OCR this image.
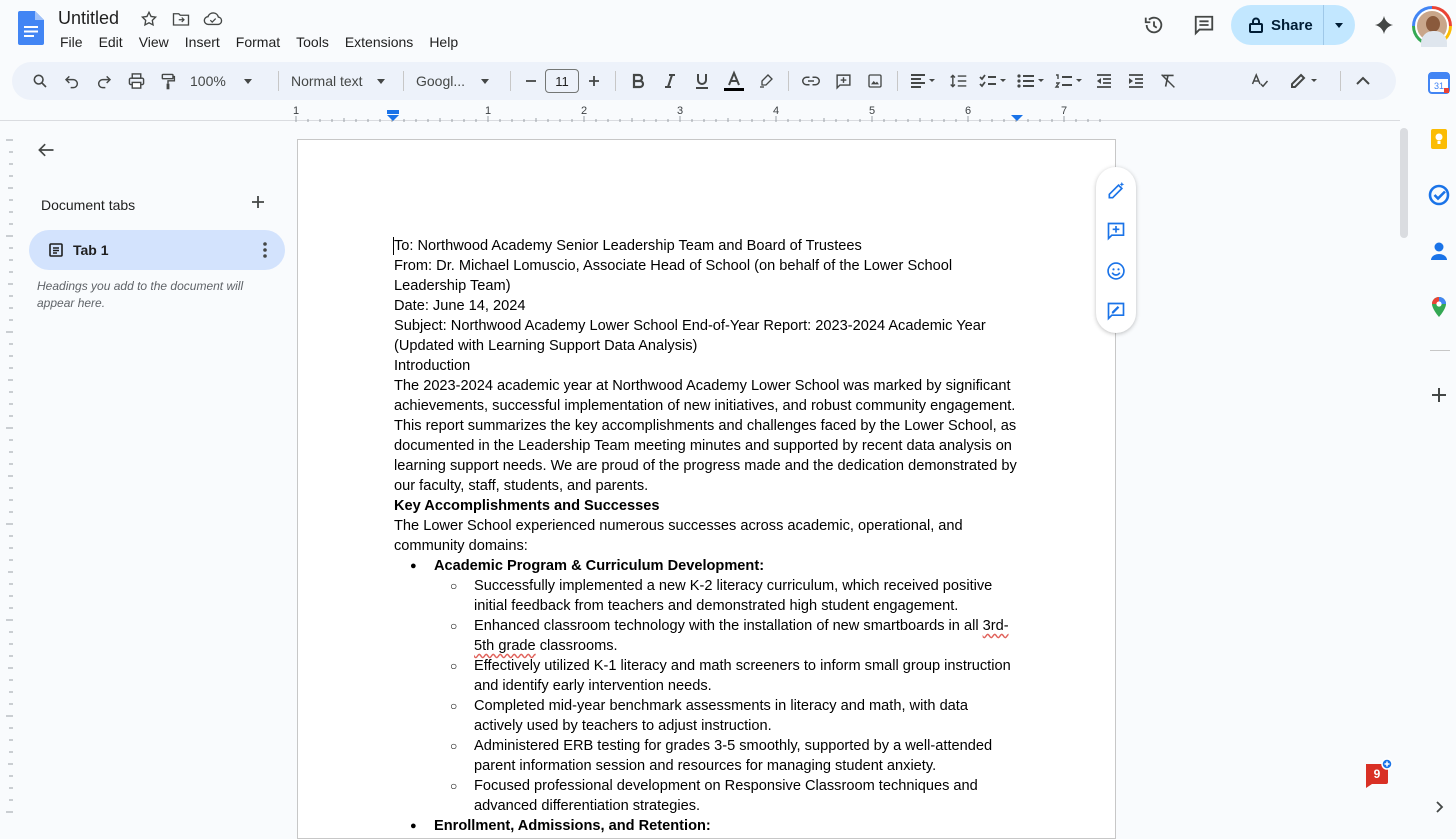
Untitled
File	Edit	View	Insert	Format	Tools	Extensions	Help
Share
100%	Normal text	Googl...	11
1	1	2	3	4	5	6	7
Document tabs
Tab 1
Headings you add to the document will appear here.

To: Northwood Academy Senior Leadership Team and Board of Trustees

From: Dr. Michael Lomuscio, Associate Head of School (on behalf of the Lower School Leadership Team)

Date: June 14, 2024

Subject: Northwood Academy Lower School End-of-Year Report: 2023-2024 Academic Year (Updated with Learning Support Data Analysis)

Introduction

The 2023-2024 academic year at Northwood Academy Lower School was marked by significant achievements, successful implementation of new initiatives, and robust community engagement. This report summarizes the key accomplishments and challenges faced by the Lower School, as documented in the Leadership Team meeting minutes and supported by recent data analysis on learning support needs. We are proud of the progress made and the dedication demonstrated by our faculty, staff, students, and parents.

Key Accomplishments and Successes

The Lower School experienced numerous successes across academic, operational, and community domains:

● Academic Program & Curriculum Development:
○ Successfully implemented a new K-2 literacy curriculum, which received positive initial feedback from teachers and demonstrated high student engagement.
○ Enhanced classroom technology with the installation of new smartboards in all 3rd-5th grade classrooms.
○ Effectively utilized K-1 literacy and math screeners to inform small group instruction and identify early intervention needs.
○ Completed mid-year benchmark assessments in literacy and math, with data actively used by teachers to adjust instruction.
○ Administered ERB testing for grades 3-5 smoothly, supported by a well-attended parent information session and resources for managing student anxiety.
○ Focused professional development on Responsive Classroom techniques and advanced differentiation strategies.
● Enrollment, Admissions, and Retention:
31
9
